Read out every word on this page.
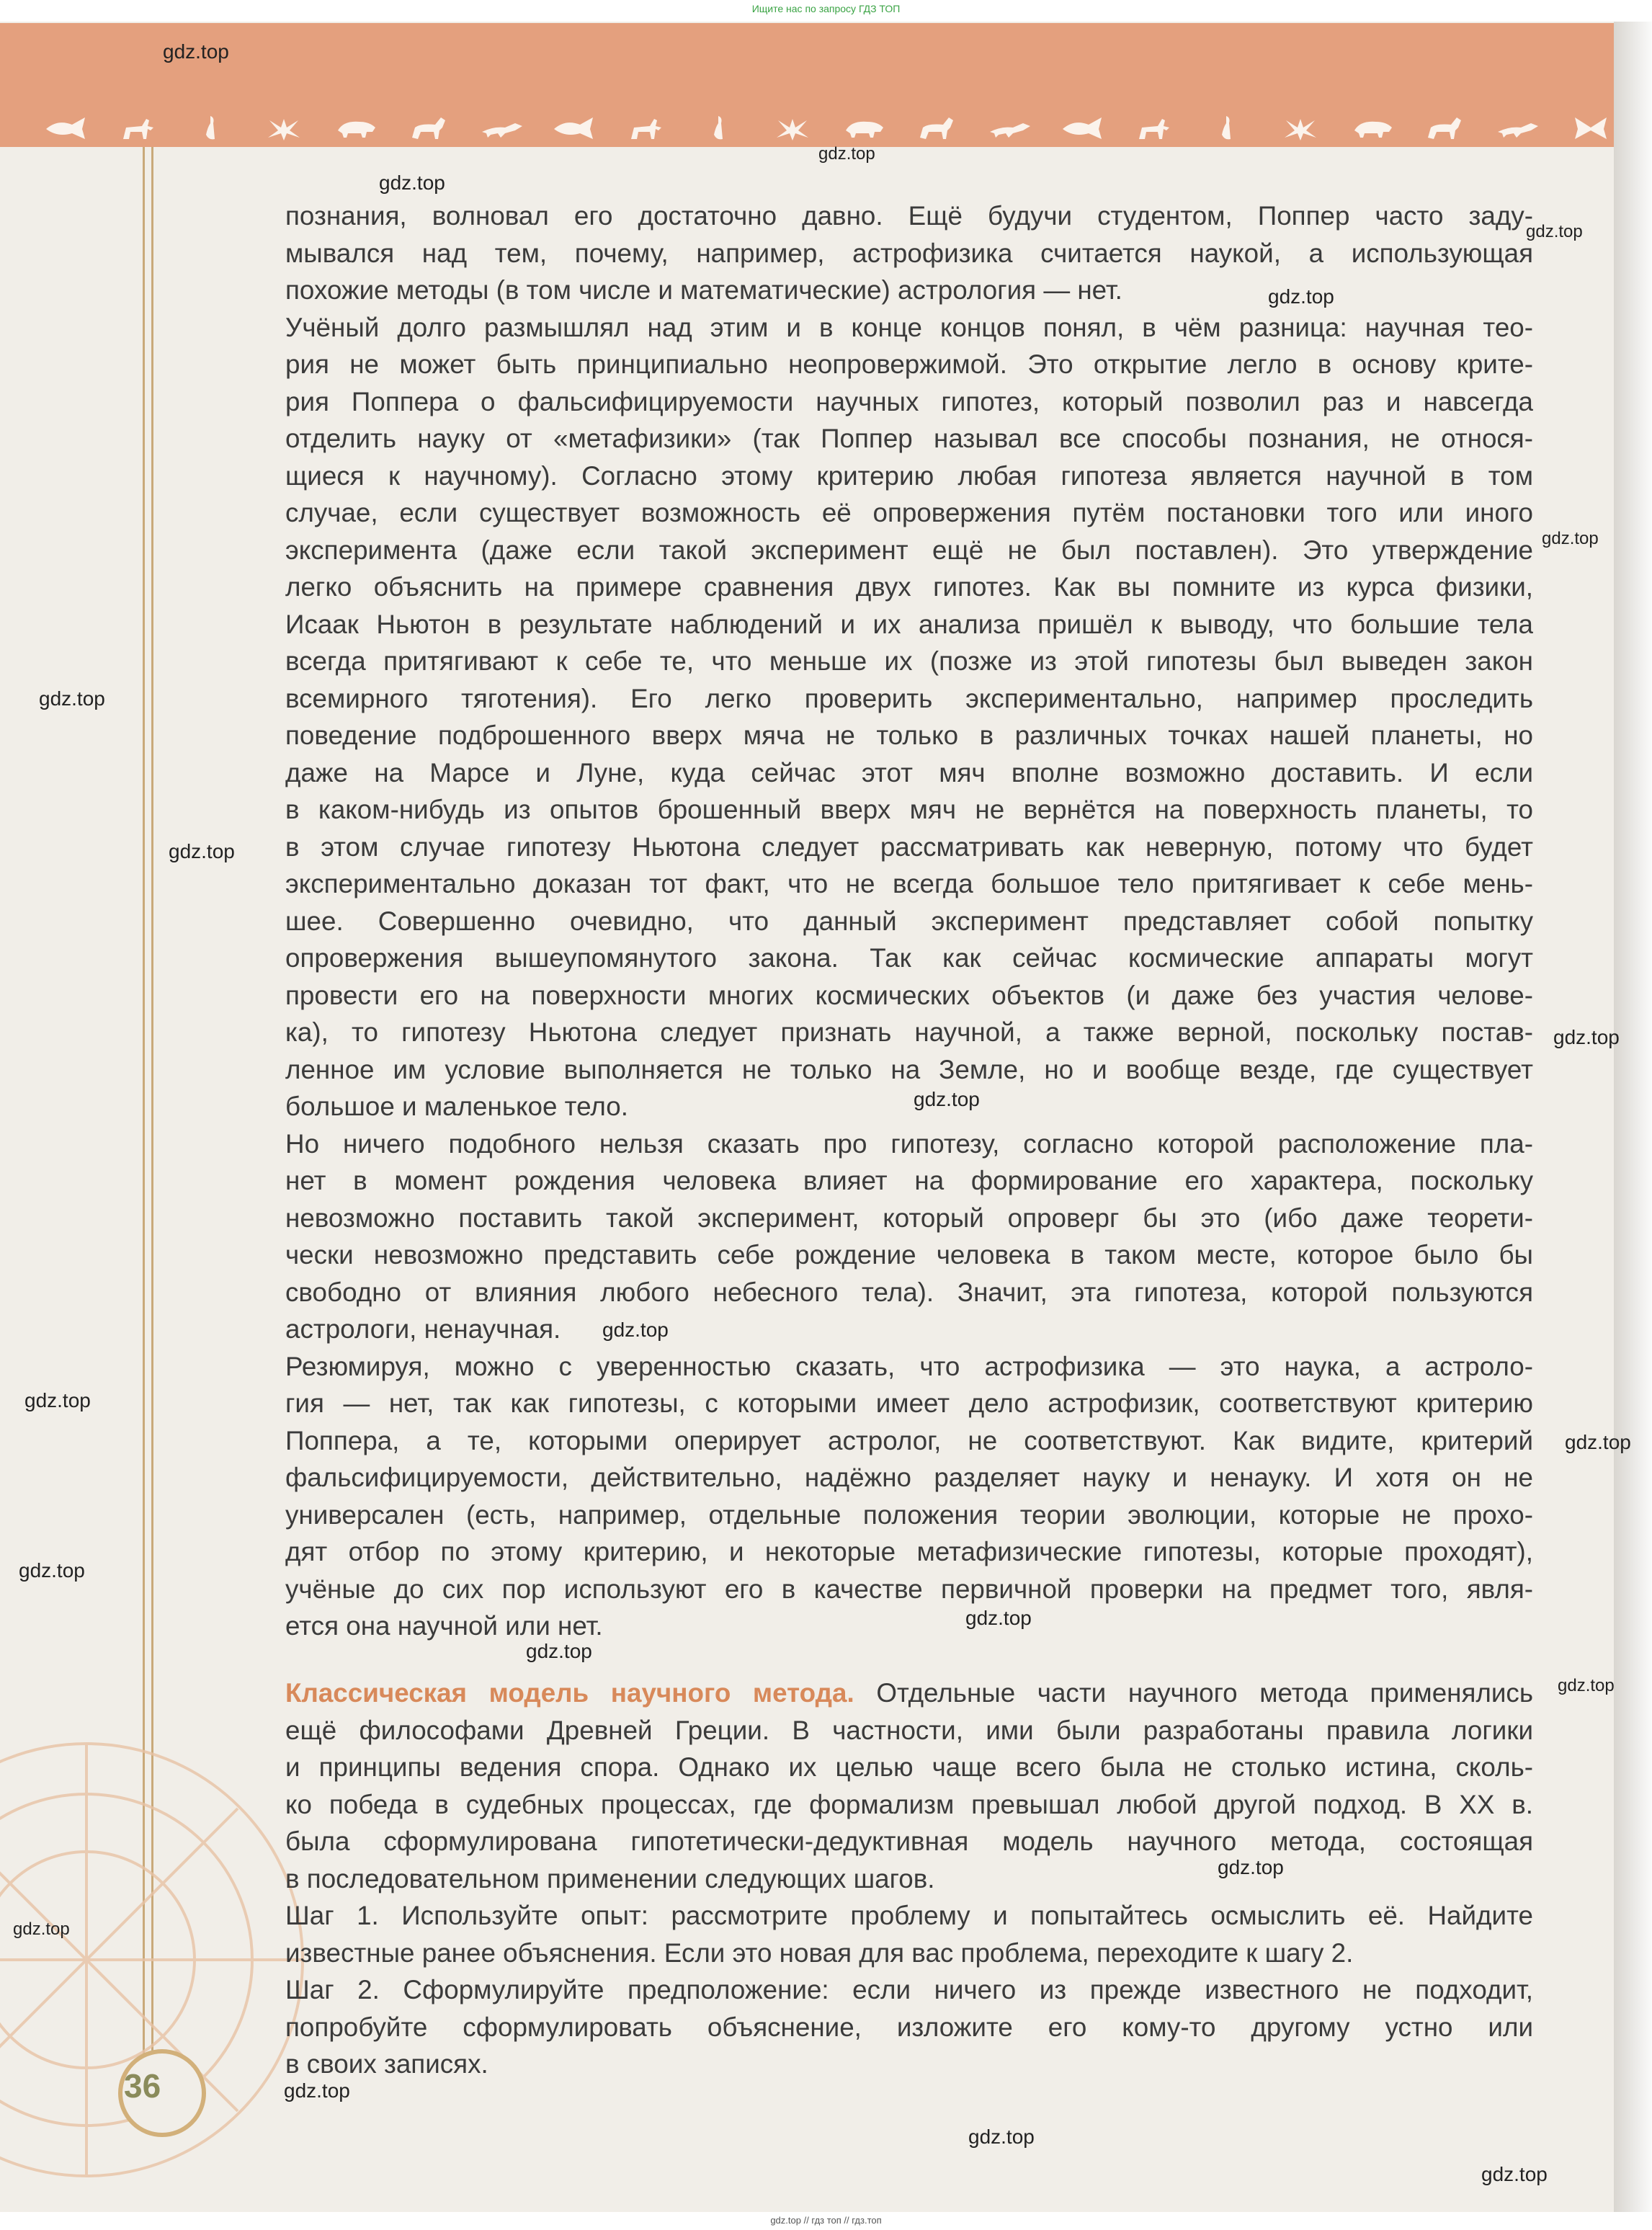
Ищите нас по запросу ГДЗ ТОП
36

познания, волновал его достаточно давно. Ещё будучи студентом, Поппер часто заду-

мывался над тем, почему, например, астрофизика считается наукой, а использующая

похожие методы (в том числе и математические) астрология — нет.

Учёный долго размышлял над этим и в конце концов понял, в чём разница: научная тео-

рия не может быть принципиально неопровержимой. Это открытие легло в основу крите-

рия Поппера о фальсифицируемости научных гипотез, который позволил раз и навсегда

отделить науку от «метафизики» (так Поппер называл все способы познания, не относя-

щиеся к научному). Согласно этому критерию любая гипотеза является научной в том

случае, если существует возможность её опровержения путём постановки того или иного

эксперимента (даже если такой эксперимент ещё не был поставлен). Это утверждение

легко объяснить на примере сравнения двух гипотез. Как вы помните из курса физики,

Исаак Ньютон в результате наблюдений и их анализа пришёл к выводу, что большие тела

всегда притягивают к себе те, что меньше их (позже из этой гипотезы был выведен закон

всемирного тяготения). Его легко проверить экспериментально, например проследить

поведение подброшенного вверх мяча не только в различных точках нашей планеты, но

даже на Марсе и Луне, куда сейчас этот мяч вполне возможно доставить. И если

в каком-нибудь из опытов брошенный вверх мяч не вернётся на поверхность планеты, то

в этом случае гипотезу Ньютона следует рассматривать как неверную, потому что будет

экспериментально доказан тот факт, что не всегда большое тело притягивает к себе мень-

шее. Совершенно очевидно, что данный эксперимент представляет собой попытку

опровержения вышеупомянутого закона. Так как сейчас космические аппараты могут

провести его на поверхности многих космических объектов (и даже без участия челове-

ка), то гипотезу Ньютона следует признать научной, а также верной, поскольку постав-

ленное им условие выполняется не только на Земле, но и вообще везде, где существует

большое и маленькое тело.

Но ничего подобного нельзя сказать про гипотезу, согласно которой расположение пла-

нет в момент рождения человека влияет на формирование его характера, поскольку

невозможно поставить такой эксперимент, который опроверг бы это (ибо даже теорети-

чески невозможно представить себе рождение человека в таком месте, которое было бы

свободно от влияния любого небесного тела). Значит, эта гипотеза, которой пользуются

астрологи, ненаучная.

Резюмируя, можно с уверенностью сказать, что астрофизика — это наука, а астроло-

гия — нет, так как гипотезы, с которыми имеет дело астрофизик, соответствуют критерию

Поппера, а те, которыми оперирует астролог, не соответствуют. Как видите, критерий

фальсифицируемости, действительно, надёжно разделяет науку и ненауку. И хотя он не

универсален (есть, например, отдельные положения теории эволюции, которые не прохо-

дят отбор по этому критерию, и некоторые метафизические гипотезы, которые проходят),

учёные до сих пор используют его в качестве первичной проверки на предмет того, явля-

ется она научной или нет.

Классическая модель научного метода. Отдельные части научного метода применялись

ещё философами Древней Греции. В частности, ими были разработаны правила логики

и принципы ведения спора. Однако их целью чаще всего была не столько истина, сколь-

ко победа в судебных процессах, где формализм превышал любой другой подход. В XX в.

была сформулирована гипотетически-дедуктивная модель научного метода, состоящая

в последовательном применении следующих шагов.

Шаг 1. Используйте опыт: рассмотрите проблему и попытайтесь осмыслить её. Найдите

известные ранее объяснения. Если это новая для вас проблема, переходите к шагу 2.

Шаг 2. Сформулируйте предположение: если ничего из прежде известного не подходит,

попробуйте сформулировать объяснение, изложите его кому-то другому устно или

в своих записях.

gdz.top
gdz.top
gdz.top
gdz.top
gdz.top
gdz.top
gdz.top
gdz.top
gdz.top
gdz.top
gdz.top
gdz.top
gdz.top
gdz.top
gdz.top
gdz.top
gdz.top
gdz.top
gdz.top
gdz.top
gdz.top
gdz.top
gdz.top // гдз топ // гдз.топ
